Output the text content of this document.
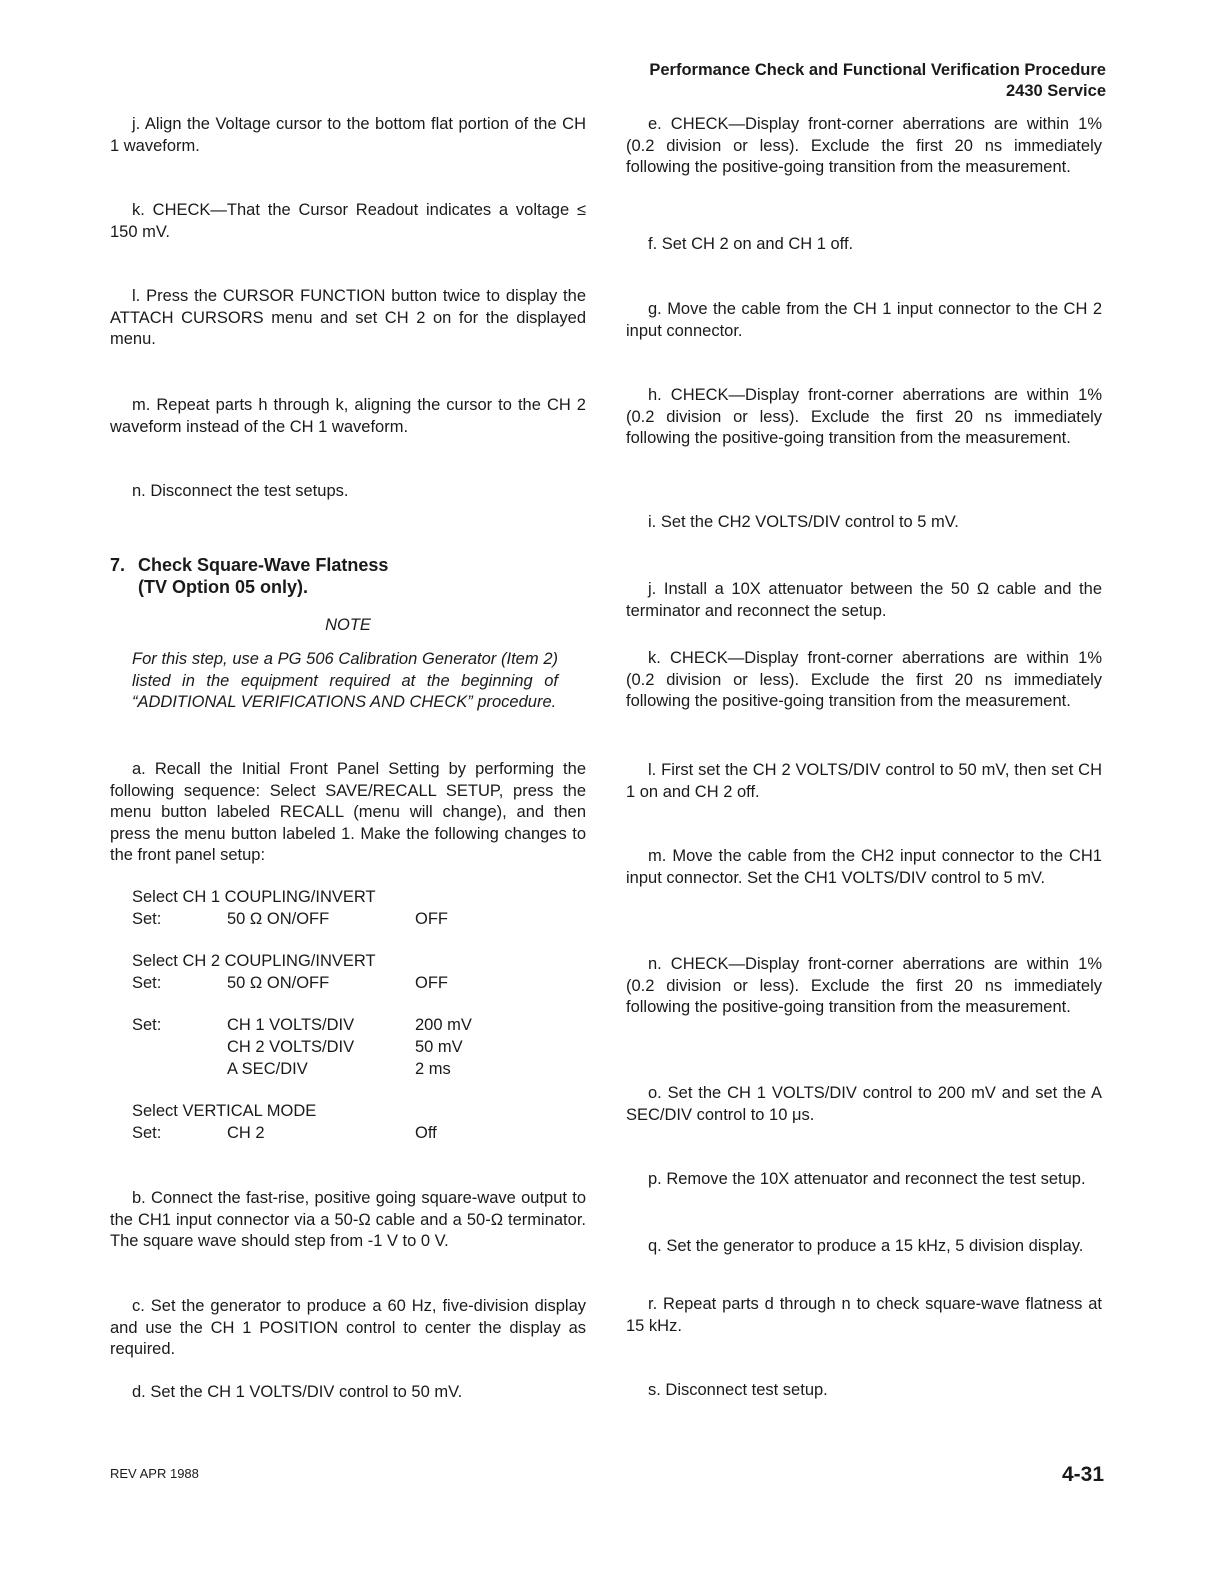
Performance Check and Functional Verification Procedure
2430 Service
j. Align the Voltage cursor to the bottom flat portion of the CH 1 waveform.
k. CHECK—That the Cursor Readout indicates a voltage ≤ 150 mV.
l. Press the CURSOR FUNCTION button twice to display the ATTACH CURSORS menu and set CH 2 on for the displayed menu.
m. Repeat parts h through k, aligning the cursor to the CH 2 waveform instead of the CH 1 waveform.
n. Disconnect the test setups.
7. Check Square-Wave Flatness
(TV Option 05 only).
NOTE
For this step, use a PG 506 Calibration Generator (Item 2) listed in the equipment required at the beginning of “ADDITIONAL VERIFICATIONS AND CHECK” procedure.
a. Recall the Initial Front Panel Setting by performing the following sequence: Select SAVE/RECALL SETUP, press the menu button labeled RECALL (menu will change), and then press the menu button labeled 1. Make the following changes to the front panel setup:
Select CH 1 COUPLING/INVERT
Set:	50 Ω ON/OFF	OFF
Select CH 2 COUPLING/INVERT
Set:	50 Ω ON/OFF	OFF
Set:	CH 1 VOLTS/DIV	200 mV
CH 2 VOLTS/DIV	50 mV
A SEC/DIV	2 ms
Select VERTICAL MODE
Set:	CH 2	Off
b. Connect the fast-rise, positive going square-wave output to the CH1 input connector via a 50-Ω cable and a 50-Ω terminator. The square wave should step from -1 V to 0 V.
c. Set the generator to produce a 60 Hz, five-division display and use the CH 1 POSITION control to center the display as required.
d. Set the CH 1 VOLTS/DIV control to 50 mV.
e. CHECK—Display front-corner aberrations are within 1% (0.2 division or less). Exclude the first 20 ns immediately following the positive-going transition from the measurement.
f. Set CH 2 on and CH 1 off.
g. Move the cable from the CH 1 input connector to the CH 2 input connector.
h. CHECK—Display front-corner aberrations are within 1% (0.2 division or less). Exclude the first 20 ns immediately following the positive-going transition from the measurement.
i. Set the CH2 VOLTS/DIV control to 5 mV.
j. Install a 10X attenuator between the 50 Ω cable and the terminator and reconnect the setup.
k. CHECK—Display front-corner aberrations are within 1% (0.2 division or less). Exclude the first 20 ns immediately following the positive-going transition from the measurement.
l. First set the CH 2 VOLTS/DIV control to 50 mV, then set CH 1 on and CH 2 off.
m. Move the cable from the CH2 input connector to the CH1 input connector. Set the CH1 VOLTS/DIV control to 5 mV.
n. CHECK—Display front-corner aberrations are within 1% (0.2 division or less). Exclude the first 20 ns immediately following the positive-going transition from the measurement.
o. Set the CH 1 VOLTS/DIV control to 200 mV and set the A SEC/DIV control to 10 μs.
p. Remove the 10X attenuator and reconnect the test setup.
q. Set the generator to produce a 15 kHz, 5 division display.
r. Repeat parts d through n to check square-wave flatness at 15 kHz.
s. Disconnect test setup.
REV APR 1988	4-31
